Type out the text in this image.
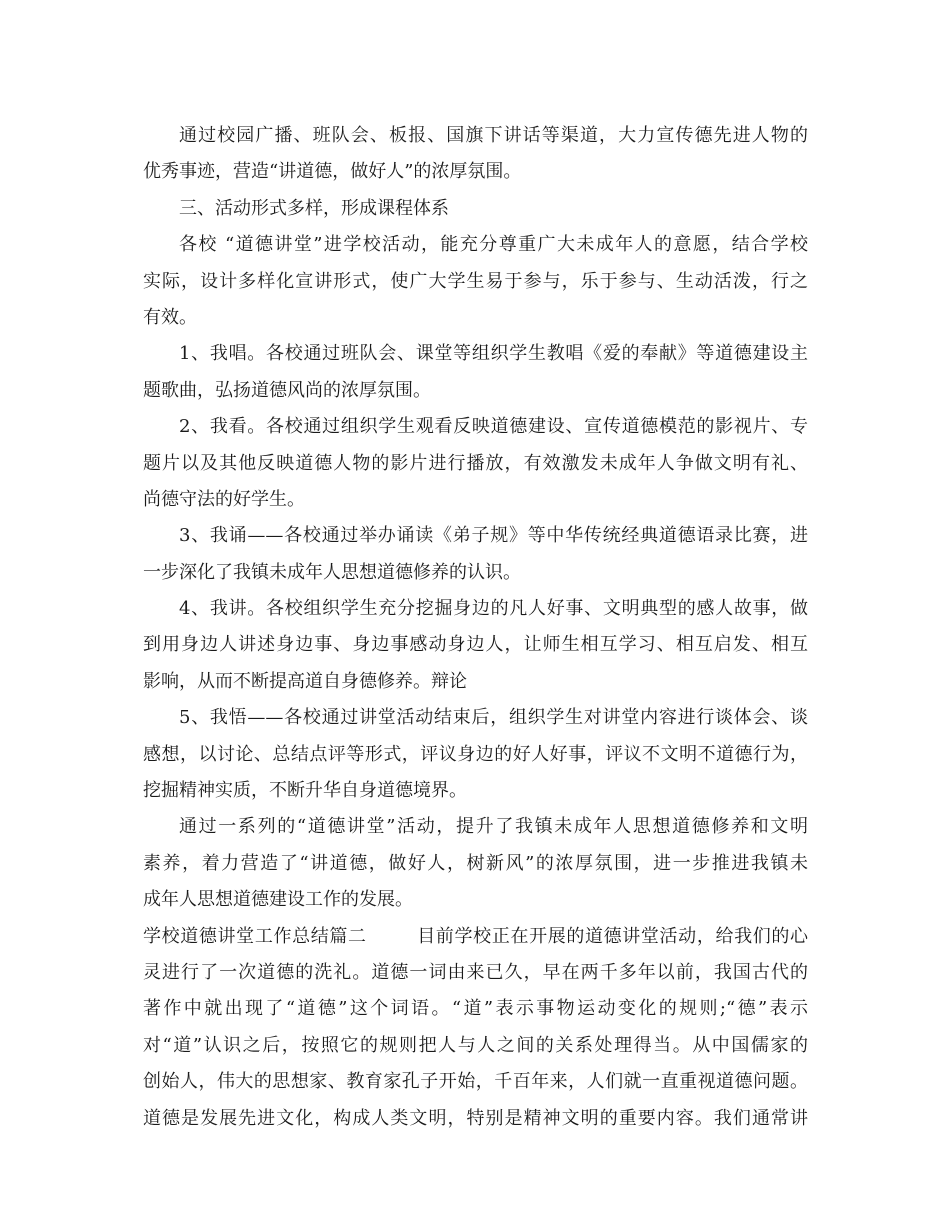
通过校园广播、班队会、板报、国旗下讲话等渠道，大力宣传德先进人物的
优秀事迹，营造“讲道德，做好人”的浓厚氛围。
三、活动形式多样，形成课程体系
各校 “道德讲堂”进学校活动，能充分尊重广大未成年人的意愿，结合学校
实际，设计多样化宣讲形式，使广大学生易于参与，乐于参与、生动活泼，行之
有效。
1、我唱。各校通过班队会、课堂等组织学生教唱《爱的奉献》等道德建设主
题歌曲，弘扬道德风尚的浓厚氛围。
2、我看。各校通过组织学生观看反映道德建设、宣传道德模范的影视片、专
题片以及其他反映道德人物的影片进行播放，有效激发未成年人争做文明有礼、
尚德守法的好学生。
3、我诵——各校通过举办诵读《弟子规》等中华传统经典道德语录比赛，进
一步深化了我镇未成年人思想道德修养的认识。
4、我讲。各校组织学生充分挖掘身边的凡人好事、文明典型的感人故事，做
到用身边人讲述身边事、身边事感动身边人，让师生相互学习、相互启发、相互
影响，从而不断提高道自身德修养。辩论
5、我悟——各校通过讲堂活动结束后，组织学生对讲堂内容进行谈体会、谈
感想，以讨论、总结点评等形式，评议身边的好人好事，评议不文明不道德行为，
挖掘精神实质，不断升华自身道德境界。
通过一系列的“道德讲堂”活动，提升了我镇未成年人思想道德修养和文明
素养，着力营造了“讲道德，做好人，树新风”的浓厚氛围，进一步推进我镇未
成年人思想道德建设工作的发展。
学校道德讲堂工作总结篇二	目前学校正在开展的道德讲堂活动，给我们的心
灵进行了一次道德的洗礼。道德一词由来已久，早在两千多年以前，我国古代的
著作中就出现了“道德”这个词语。“道”表示事物运动变化的规则;“德”表示
对“道”认识之后，按照它的规则把人与人之间的关系处理得当。从中国儒家的
创始人，伟大的思想家、教育家孔子开始，千百年来，人们就一直重视道德问题。
道德是发展先进文化，构成人类文明，特别是精神文明的重要内容。我们通常讲
